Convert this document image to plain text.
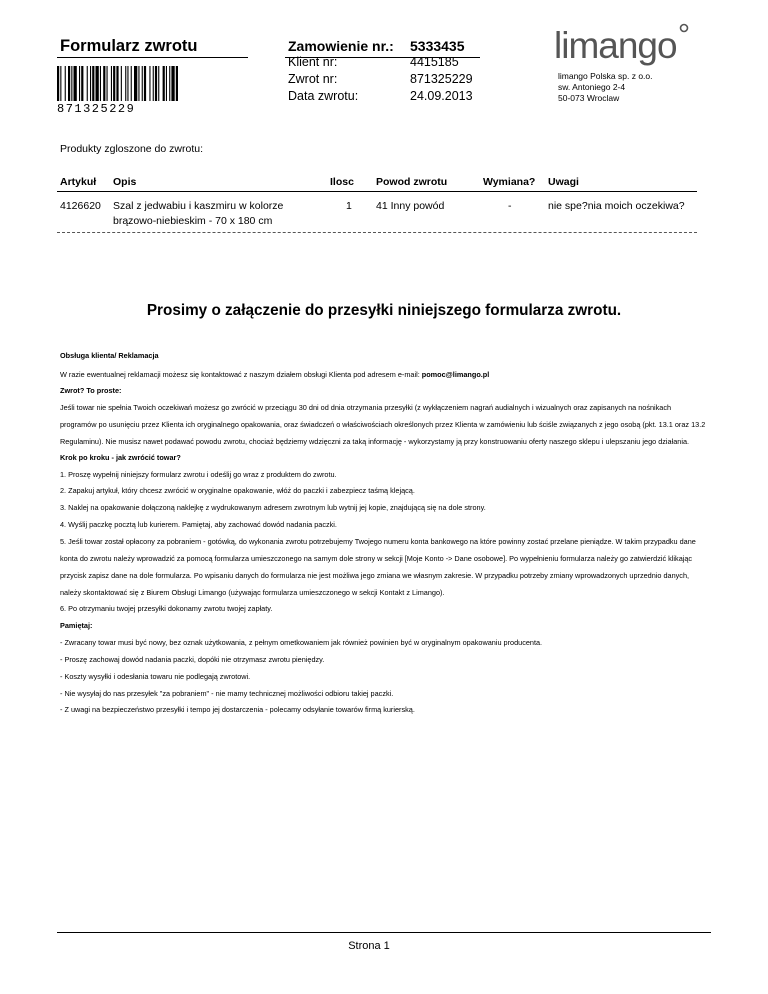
Formularz zwrotu
871325229
Zamowienie nr.: 5333435
Klient nr:	4415185
Zwrot nr:	871325229
Data zwrotu:	24.09.2013
limango
limango Polska sp. z o.o.
sw. Antoniego 2-4
50-073 Wroclaw
Produkty zgloszone do zwrotu:
Artykuł Opis	Ilosc Powod zwrotu	Wymiana? Uwagi
4126620 Szal z jedwabiu i kaszmiru w kolorze
brązowo-niebieskim - 70 x 180 cm
1 41 Inny powód	-	nie spe?nia moich oczekiwa?
Prosimy o załączenie do przesyłki niniejszego formularza zwrotu.
Obsługa klienta/ Reklamacja
W razie ewentualnej reklamacji możesz się kontaktować z naszym działem obsługi Klienta pod adresem e-mail: pomoc@limango.pl
Zwrot? To proste:
Jeśli towar nie spełnia Twoich oczekiwań możesz go zwrócić w przeciągu 30 dni od dnia otrzymania przesyłki (z wykłączeniem nagrań audialnych i wizualnych oraz zapisanych na nośnikach
programów po usunięciu przez Klienta ich oryginalnego opakowania, oraz świadczeń o właściwościach określonych przez Klienta w zamówieniu lub ściśle związanych z jego osobą (pkt. 13.1 oraz 13.2
Regulaminu). Nie musisz nawet podawać powodu zwrotu, chociaż będziemy wdzięczni za taką informację - wykorzystamy ją przy konstruowaniu oferty naszego sklepu i ulepszaniu jego działania.
Krok po kroku - jak zwrócić towar?
1. Proszę wypełnij niniejszy formularz zwrotu i odeślij go wraz z produktem do zwrotu.
2. Zapakuj artykuł, który chcesz zwrócić w oryginalne opakowanie, włóż do paczki i zabezpiecz taśmą klejącą.
3. Naklej na opakowanie dołączoną naklejkę z wydrukowanym adresem zwrotnym lub wytnij jej kopie, znajdującą się na dole strony.
4. Wyślij paczkę pocztą lub kurierem. Pamiętaj, aby zachować dowód nadania paczki.
5. Jeśli towar został opłacony za pobraniem - gotówką, do wykonania zwrotu potrzebujemy Twojego numeru konta bankowego na które powinny zostać przelane pieniądze. W takim przypadku dane
konta do zwrotu należy wprowadzić za pomocą formularza umieszczonego na samym dole strony w sekcji [Moje Konto -> Dane osobowe]. Po wypełnieniu formularza należy go zatwierdzić klikając
przycisk zapisz dane na dole formularza. Po wpisaniu danych do formularza nie jest możliwa jego zmiana we własnym zakresie. W przypadku potrzeby zmiany wprowadzonych uprzednio danych,
należy skontaktować się z Biurem Obsługi Limango (używając formularza umieszczonego w sekcji Kontakt z Limango).
6. Po otrzymaniu twojej przesyłki dokonamy zwrotu twojej zapłaty.
Pamiętaj:
- Zwracany towar musi być nowy, bez oznak użytkowania, z pełnym ometkowaniem jak również powinien być w oryginalnym opakowaniu producenta.
- Proszę zachowaj dowód nadania paczki, dopóki nie otrzymasz zwrotu pieniędzy.
- Koszty wysyłki i odesłania towaru nie podlegają zwrotowi.
- Nie wysyłaj do nas przesyłek "za pobraniem" - nie mamy technicznej możliwości odbioru takiej paczki.
- Z uwagi na bezpieczeństwo przesyłki i tempo jej dostarczenia - polecamy odsyłanie towarów firmą kurierską.
Strona 1
